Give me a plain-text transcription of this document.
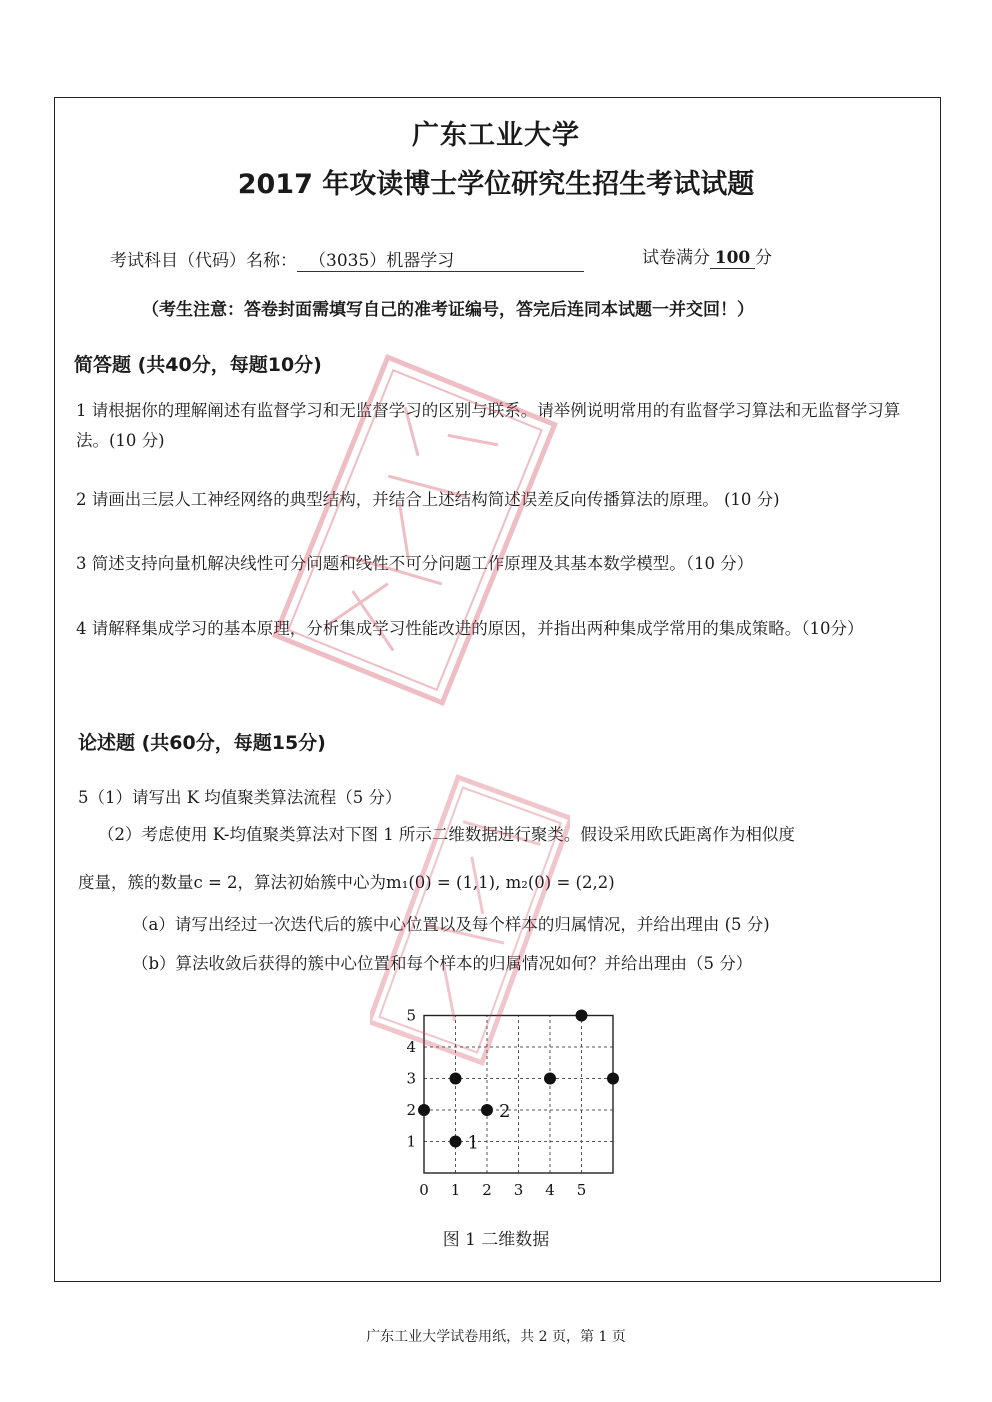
广东工业大学
2017 年攻读博士学位研究生招生考试试题
考试科目（代码）名称： （3035）机器学习	试卷满分 100 分
（考生注意：答卷封面需填写自己的准考证编号，答完后连同本试题一并交回！）
简答题 (共40分，每题10分)
1 请根据你的理解阐述有监督学习和无监督学习的区别与联系。请举例说明常用的有监督学习算法和无监督学习算法。(10 分)
2 请画出三层人工神经网络的典型结构，并结合上述结构简述误差反向传播算法的原理。 (10 分)
3 简述支持向量机解决线性可分问题和线性不可分问题工作原理及其基本数学模型。（10 分）
4 请解释集成学习的基本原理，分析集成学习性能改进的原因，并指出两种集成学常用的集成策略。（10分）
论述题 (共60分，每题15分)
5（1）请写出 K 均值聚类算法流程（5 分）
（2）考虑使用 K-均值聚类算法对下图 1 所示二维数据进行聚类。假设采用欧氏距离作为相似度
度量，簇的数量c = 2，算法初始簇中心为m₁(0) = (1,1), m₂(0) = (2,2)
（a）请写出经过一次迭代后的簇中心位置以及每个样本的归属情况，并给出理由 (5 分)
（b）算法收敛后获得的簇中心位置和每个样本的归属情况如何？并给出理由（5 分）
0 1 2 3 4 5
1
2
3
4
5
1
2
图 1 二维数据
广东工业大学试卷用纸，共 2 页，第 1 页
